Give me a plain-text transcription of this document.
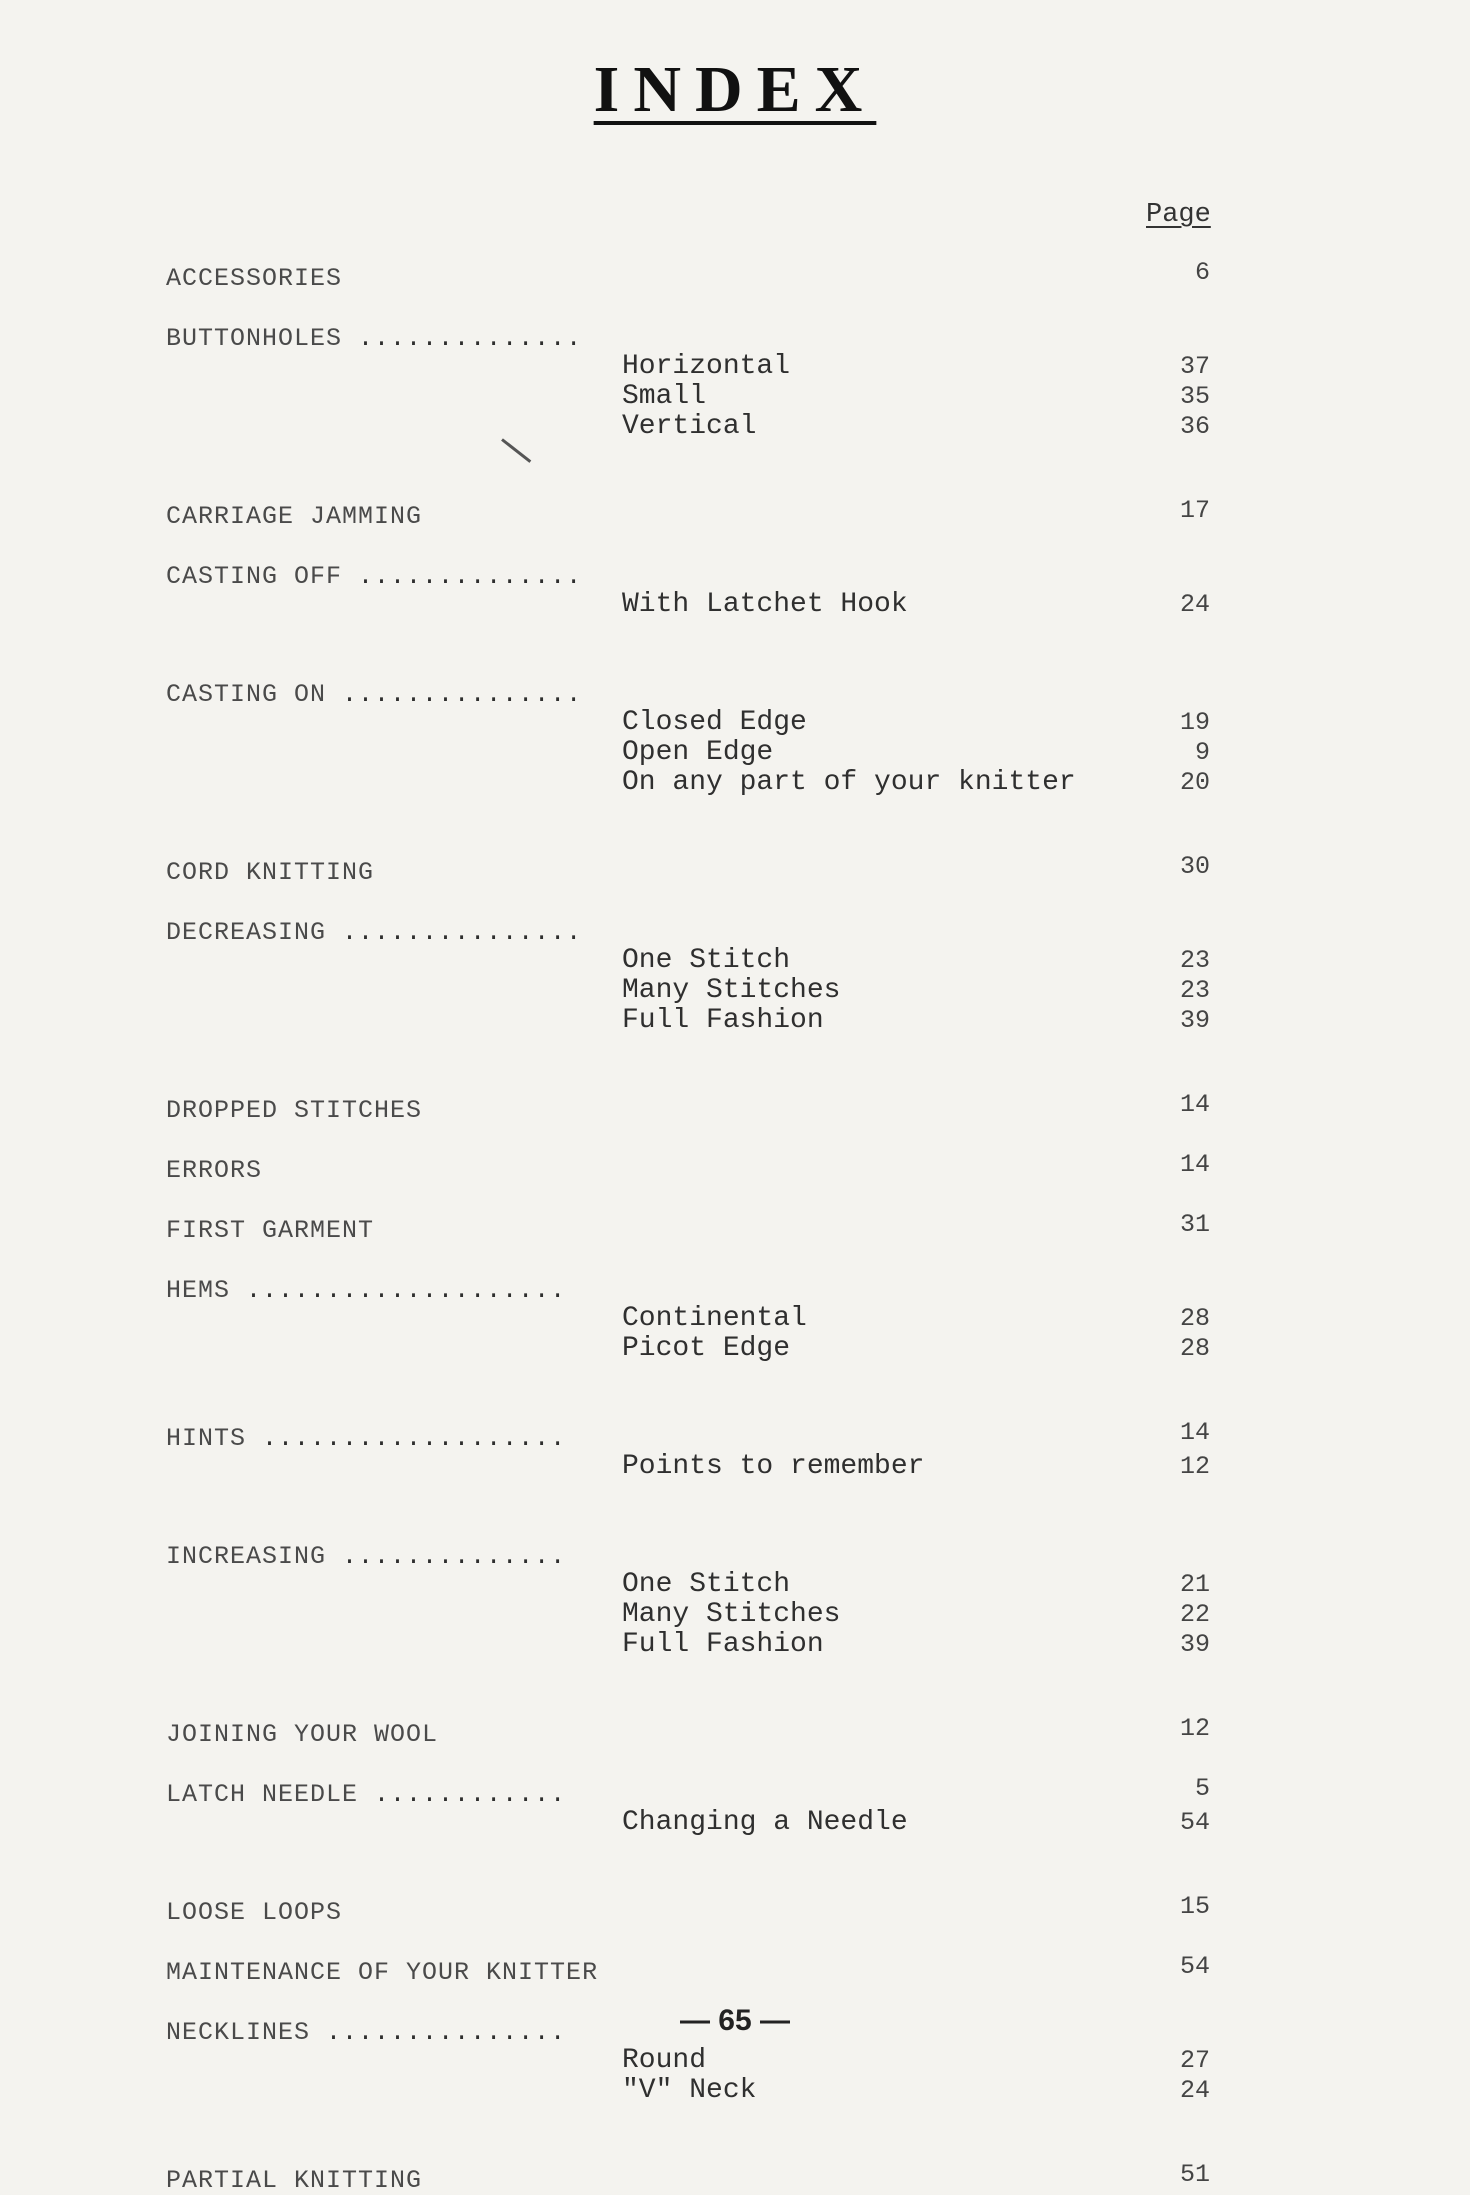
INDEX
Page
ACCESSORIES	6
BUTTONHOLES ..............
Horizontal	37
Small	35
Vertical	36
CARRIAGE JAMMING	17
CASTING OFF ..............
With Latchet Hook	24
CASTING ON ...............
Closed Edge	19
Open Edge	9
On any part of your knitter	20
CORD KNITTING	30
DECREASING ...............
One Stitch	23
Many Stitches	23
Full Fashion	39
DROPPED STITCHES	14
ERRORS	14
FIRST GARMENT	31
HEMS ....................
Continental	28
Picot Edge	28
HINTS ...................	14
Points to remember	12
INCREASING ..............
One Stitch	21
Many Stitches	22
Full Fashion	39
JOINING YOUR WOOL	12
LATCH NEEDLE ............	5
Changing a Needle	54
LOOSE LOOPS	15
MAINTENANCE OF YOUR KNITTER	54
NECKLINES ...............
Round	27
"V" Neck	24
PARTIAL KNITTING	51
— 65 —
